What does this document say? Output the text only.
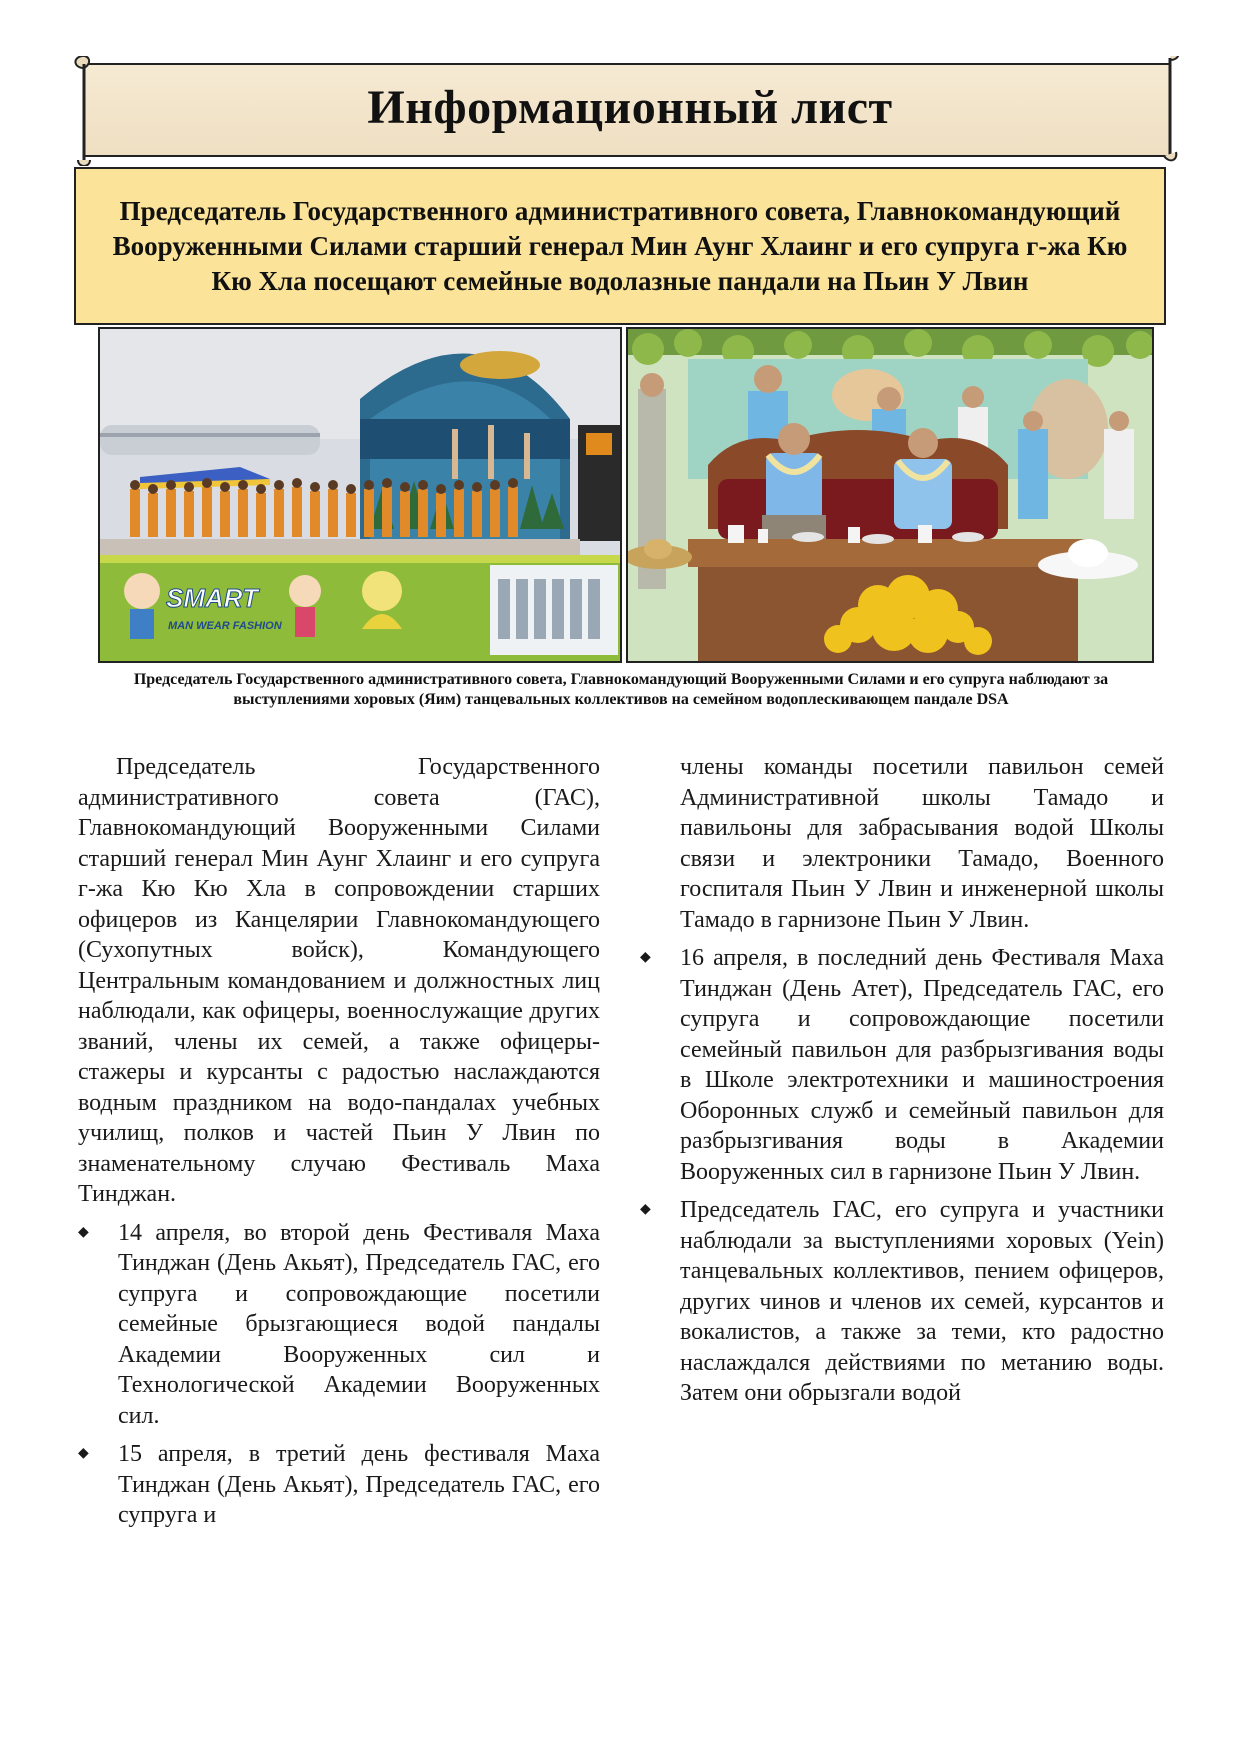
Информационный лист
Председатель Государственного административного совета, Главнокомандующий Вооруженными Силами старший генерал Мин Аунг Хлаинг и его супруга г-жа Кю Кю Хла посещают семейные водолазные пандали на Пьин У Лвин
SMART
MAN WEAR FASHION
Председатель Государственного административного совета, Главнокомандующий Вооруженными Силами и его супруга наблюдают за выступлениями хоровых (Яим) танцевальных коллективов на семейном водоплескивающем пандале DSA

Председатель Государственного административного совета (ГАС), Главнокомандующий Вооруженными Силами старший генерал Мин Аунг Хлаинг и его супруга г-жа Кю Кю Хла в сопровождении старших офицеров из Канцелярии Главнокомандующего (Сухопутных войск), Командующего Центральным командованием и должностных лиц наблюдали, как офицеры, военнослужащие других званий, члены их семей, а также офицеры-стажеры и курсанты с радостью наслаждаются водным праздником на водо-пандалах учебных училищ, полков и частей Пьин У Лвин по знаменательному случаю Фестиваль Маха Тинджан.

◆ 14 апреля, во второй день Фестиваля Маха Тинджан (День Акьят), Председатель ГАС, его супруга и сопровождающие посетили семейные брызгающиеся водой пандалы Академии Вооруженных сил и Технологической Академии Вооруженных сил.
◆ 15 апреля, в третий день фестиваля Маха Тинджан (День Акьят), Председатель ГАС, его супруга и

члены команды посетили павильон семей Административной школы Тамадо и павильоны для забрасывания водой Школы связи и электроники Тамадо, Военного госпиталя Пьин У Лвин и инженерной школы Тамадо в гарнизоне Пьин У Лвин.

◆ 16 апреля, в последний день Фестиваля Маха Тинджан (День Атет), Председатель ГАС, его супруга и сопровождающие посетили семейный павильон для разбрызгивания воды в Школе электротехники и машиностроения Оборонных служб и семейный павильон для разбрызгивания воды в Академии Вооруженных сил в гарнизоне Пьин У Лвин.
◆ Председатель ГАС, его супруга и участники наблюдали за выступлениями хоровых (Yein) танцевальных коллективов, пением офицеров, других чинов и членов их семей, курсантов и вокалистов, а также за теми, кто радостно наслаждался действиями по метанию воды. Затем они обрызгали водой
